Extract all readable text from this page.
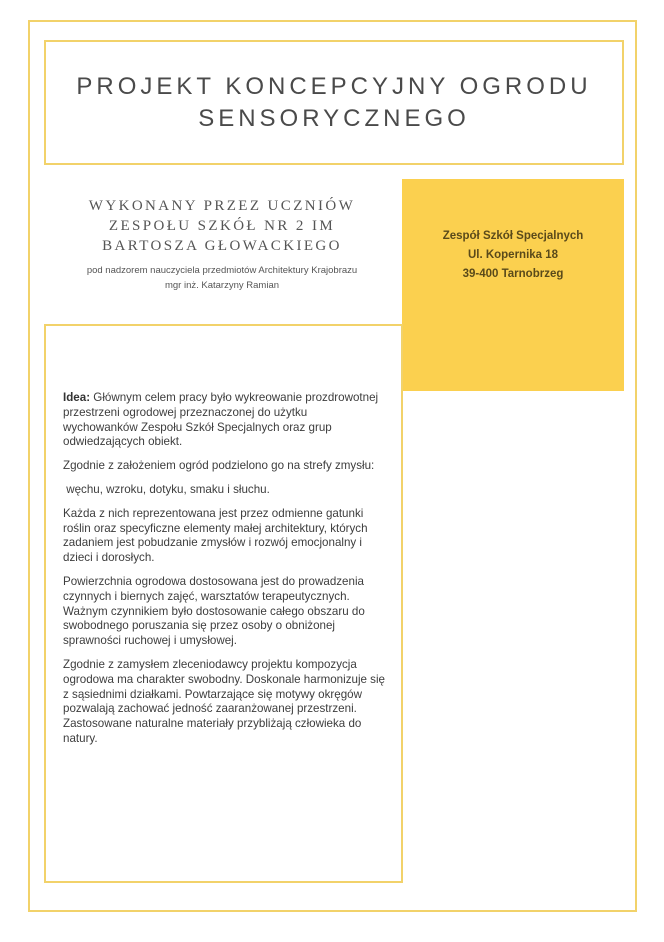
PROJEKT KONCEPCYJNY OGRODU
SENSORYCZNEGO
WYKONANY PRZEZ UCZNIÓW
ZESPOŁU SZKÓŁ NR 2 IM
BARTOSZA GŁOWACKIEGO
pod nadzorem nauczyciela przedmiotów Architektury Krajobrazu
mgr inż. Katarzyny Ramian
Zespół Szkół Specjalnych
Ul. Kopernika 18
39-400 Tarnobrzeg

Idea: Głównym celem pracy było wykreowanie prozdrowotnej przestrzeni ogrodowej przeznaczonej do użytku wychowanków Zespołu Szkół Specjalnych oraz grup odwiedzających obiekt.

Zgodnie z założeniem ogród podzielono go na strefy zmysłu:

węchu, wzroku, dotyku, smaku i słuchu.

Każda z nich reprezentowana jest przez odmienne gatunki roślin oraz specyficzne elementy małej architektury, których zadaniem jest pobudzanie zmysłów i rozwój emocjonalny i dzieci i dorosłych.

Powierzchnia ogrodowa dostosowana jest do prowadzenia czynnych i biernych zajęć, warsztatów terapeutycznych. Ważnym czynnikiem było dostosowanie całego obszaru do swobodnego poruszania się przez osoby o obniżonej sprawności ruchowej i umysłowej.

Zgodnie z zamysłem zleceniodawcy projektu kompozycja ogrodowa ma charakter swobodny. Doskonale harmonizuje się z sąsiednimi działkami. Powtarzające się motywy okręgów pozwalają zachować jedność zaaranżowanej przestrzeni. Zastosowane naturalne materiały przybliżają człowieka do natury.
